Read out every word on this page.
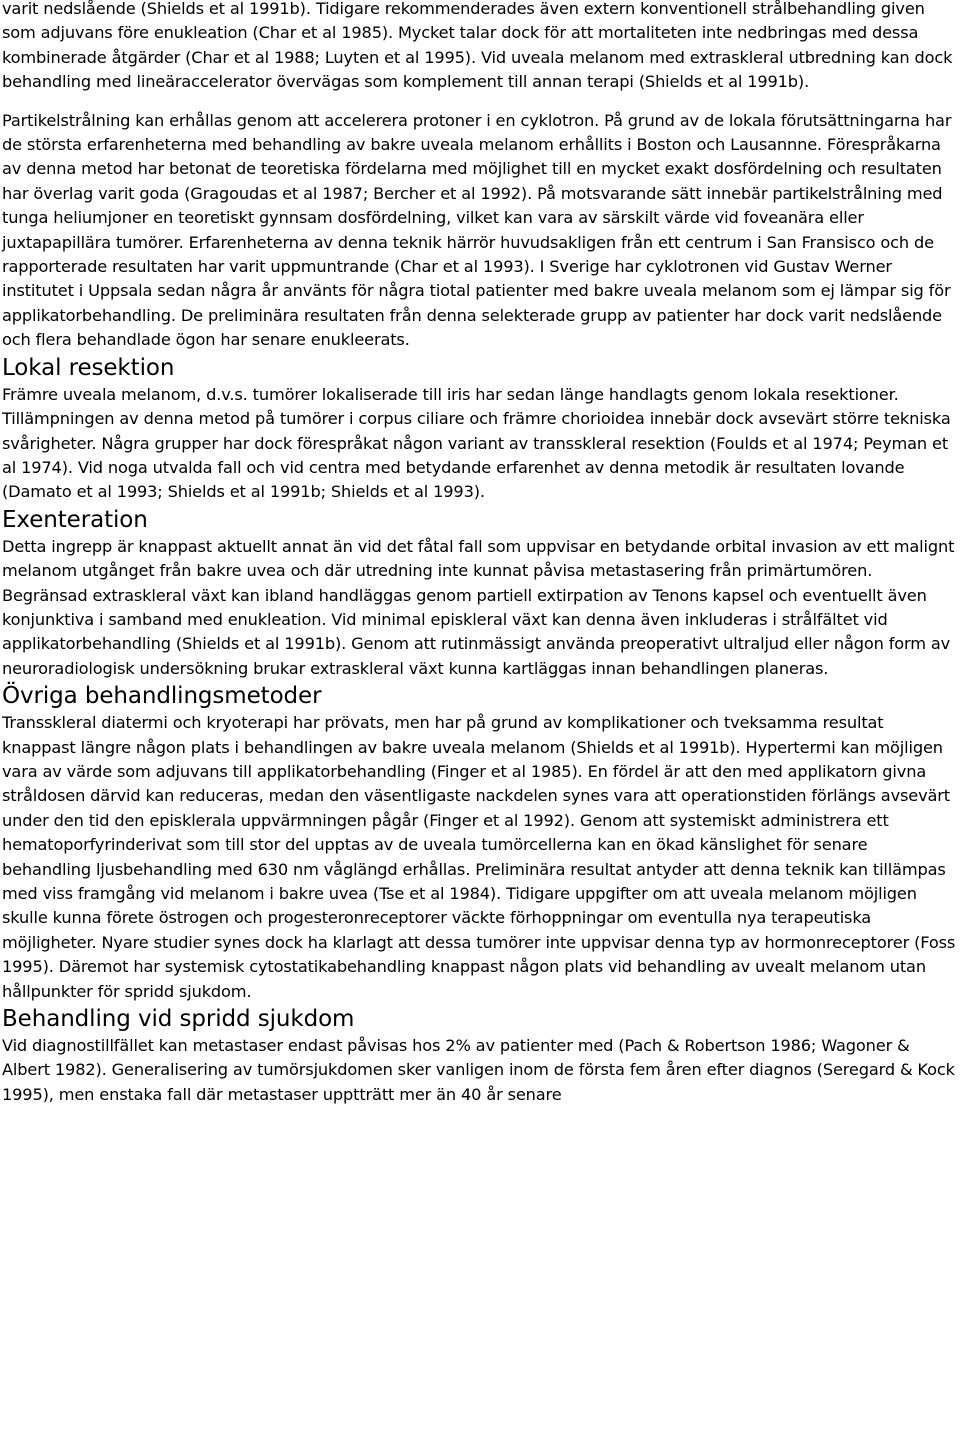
varit nedslående (Shields et al 1991b). Tidigare rekommenderades även extern konventionell strålbehandling given som adjuvans före enukleation (Char et al 1985). Mycket talar dock för att mortaliteten inte nedbringas med dessa kombinerade åtgärder (Char et al 1988; Luyten et al 1995). Vid uveala melanom med extraskleral utbredning kan dock behandling med lineäraccelerator övervägas som komplement till annan terapi (Shields et al 1991b).

Partikelstrålning kan erhållas genom att accelerera protoner i en cyklotron. På grund av de lokala förutsättningarna har de största erfarenheterna med behandling av bakre uveala melanom erhållits i Boston och Lausannne. Förespråkarna av denna metod har betonat de teoretiska fördelarna med möjlighet till en mycket exakt dosfördelning och resultaten har överlag varit goda (Gragoudas et al 1987; Bercher et al 1992). På motsvarande sätt innebär partikelstrålning med tunga heliumjoner en teoretiskt gynnsam dosfördelning, vilket kan vara av särskilt värde vid foveanära eller juxtapapillära tumörer. Erfarenheterna av denna teknik härrör huvudsakligen från ett centrum i San Fransisco och de rapporterade resultaten har varit uppmuntrande (Char et al 1993). I Sverige har cyklotronen vid Gustav Werner institutet i Uppsala sedan några år använts för några tiotal patienter med bakre uveala melanom som ej lämpar sig för applikatorbehandling. De preliminära resultaten från denna selekterade grupp av patienter har dock varit nedslående och flera behandlade ögon har senare enukleerats.

Lokal resektion

Främre uveala melanom, d.v.s. tumörer lokaliserade till iris har sedan länge handlagts genom lokala resektioner. Tillämpningen av denna metod på tumörer i corpus ciliare och främre chorioidea innebär dock avsevärt större tekniska svårigheter. Några grupper har dock förespråkat någon variant av transskleral resektion (Foulds et al 1974; Peyman et al 1974). Vid noga utvalda fall och vid centra med betydande erfarenhet av denna metodik är resultaten lovande (Damato et al 1993; Shields et al 1991b; Shields et al 1993).

Exenteration

Detta ingrepp är knappast aktuellt annat än vid det fåtal fall som uppvisar en betydande orbital invasion av ett malignt melanom utgånget från bakre uvea och där utredning inte kunnat påvisa metastasering från primärtumören. Begränsad extraskleral växt kan ibland handläggas genom partiell extirpation av Tenons kapsel och eventuellt även konjunktiva i samband med enukleation. Vid minimal episkleral växt kan denna även inkluderas i strålfältet vid applikatorbehandling (Shields et al 1991b). Genom att rutinmässigt använda preoperativt ultraljud eller någon form av neuroradiologisk undersökning brukar extraskleral växt kunna kartläggas innan behandlingen planeras.

Övriga behandlingsmetoder

Transskleral diatermi och kryoterapi har prövats, men har på grund av komplikationer och tveksamma resultat knappast längre någon plats i behandlingen av bakre uveala melanom (Shields et al 1991b). Hypertermi kan möjligen vara av värde som adjuvans till applikatorbehandling (Finger et al 1985). En fördel är att den med applikatorn givna stråldosen därvid kan reduceras, medan den väsentligaste nackdelen synes vara att operationstiden förlängs avsevärt under den tid den episklerala uppvärmningen pågår (Finger et al 1992). Genom att systemiskt administrera ett hematoporfyrinderivat som till stor del upptas av de uveala tumörcellerna kan en ökad känslighet för senare behandling ljusbehandling med 630 nm våglängd erhållas. Preliminära resultat antyder att denna teknik kan tillämpas med viss framgång vid melanom i bakre uvea (Tse et al 1984). Tidigare uppgifter om att uveala melanom möjligen skulle kunna förete östrogen och progesteronreceptorer väckte förhoppningar om eventulla nya terapeutiska möjligheter. Nyare studier synes dock ha klarlagt att dessa tumörer inte uppvisar denna typ av hormonreceptorer (Foss 1995). Däremot har systemisk cytostatikabehandling knappast någon plats vid behandling av uvealt melanom utan hållpunkter för spridd sjukdom.

Behandling vid spridd sjukdom

Vid diagnostillfället kan metastaser endast påvisas hos 2% av patienter med (Pach & Robertson 1986; Wagoner & Albert 1982). Generalisering av tumörsjukdomen sker vanligen inom de första fem åren efter diagnos (Seregard & Kock 1995), men enstaka fall där metastaser upptträtt mer än 40 år senare
